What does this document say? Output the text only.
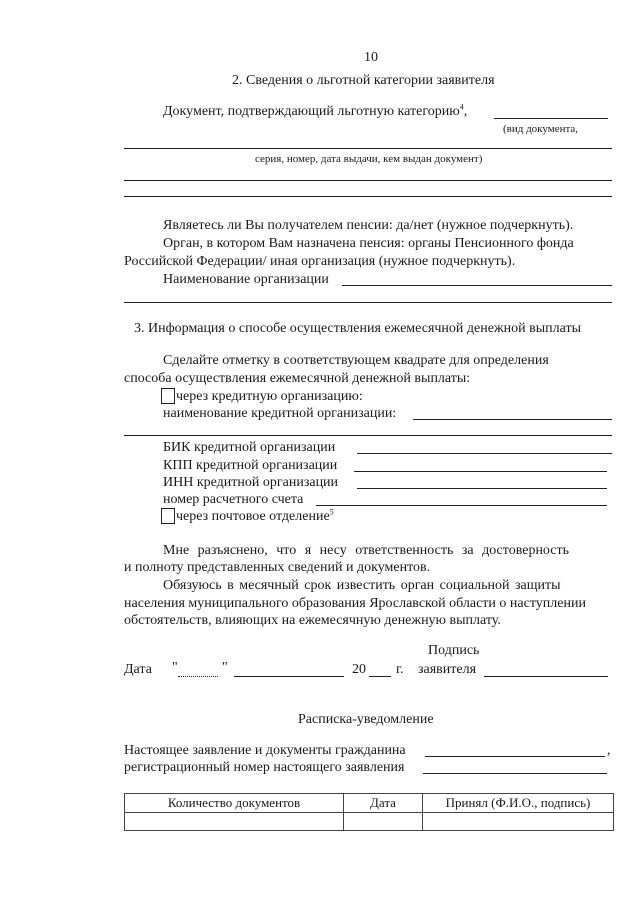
10
2. Сведения о льготной категории заявителя
Документ, подтверждающий льготную категорию$^4$,
(вид документа,
серия, номер, дата выдачи, кем выдан документ)
Являетесь ли Вы получателем пенсии: да/нет (нужное подчеркнуть).
Орган, в котором Вам назначена пенсия: органы Пенсионного фонда
Российской Федерации/ иная организация (нужное подчеркнуть).
Наименование организации
3. Информация о способе осуществления ежемесячной денежной выплаты
Сделайте отметку в соответствующем квадрате для определения
способа осуществления ежемесячной денежной выплаты:
через кредитную организацию:
наименование кредитной организации:
БИК кредитной организации
КПП кредитной организации
ИНН кредитной организации
номер расчетного счета
через почтовое отделение$^5$
Мне разъяснено, что я несу ответственность за достоверность
и полноту представленных сведений и документов.
Обязуюсь в месячный срок известить орган социальной защиты
населения муниципального образования Ярославской области о наступлении
обстоятельств, влияющих на ежемесячную денежную выплату.
Подпись
Дата "	"	20 г. заявителя
Расписка-уведомление
Настоящее заявление и документы гражданина	,
регистрационный номер настоящего заявления
Количество документов	Дата	Принял (Ф.И.О., подпись)
